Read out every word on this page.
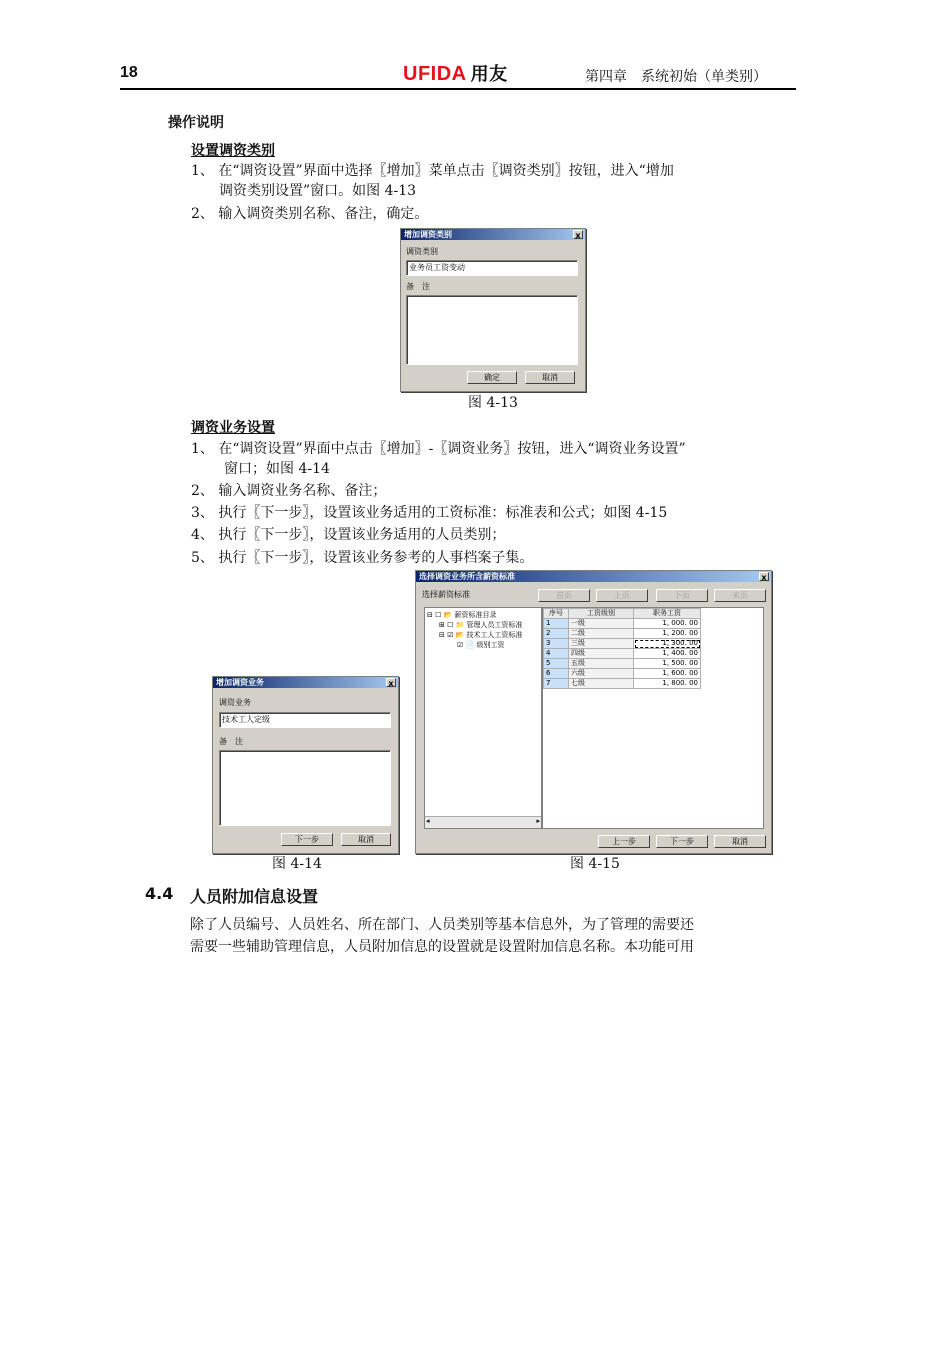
18	UFIDA 用友	第四章　系统初始（单类别）
操作说明
设置调资类别
1、 在“调资设置”界面中选择〖增加〗菜单点击〖调资类别〗按钮，进入“增加
调资类别设置”窗口。如图 4-13
2、 输入调资类别名称、备注，确定。
增加调资类别	x
调资类别
业务员工资变动
备　注
确定	取消
图 4-13
调资业务设置
1、 在“调资设置”界面中点击〖增加〗-〖调资业务〗按钮，进入“调资业务设置”
窗口；如图 4-14
2、 输入调资业务名称、备注；
3、 执行〖下一步〗，设置该业务适用的工资标准：标准表和公式；如图 4-15
4、 执行〖下一步〗，设置该业务适用的人员类别；
5、 执行〖下一步〗，设置该业务参考的人事档案子集。
增加调资业务	x
调资业务
技术工人定级
备　注
下一步	取消
图 4-14
选择调资业务所含薪资标准	x
选择薪资标准	首页	上页	下页	末页
⊟ ☐ 📂 薪资标准目录
⊞ ☐ 📁 管理人员工资标准
⊟ ☑ 📂 技术工人工资标准
☑ 📄 级别工资
◂	▸
序号	工资级别	职务工资
1	一级	1, 000. 00
2	二级	1, 200. 00
3	三级	1, 300. 00
4	四级	1, 400. 00
5	五级	1, 500. 00
6	六级	1, 600. 00
7	七级	1, 800. 00
上一步	下一步	取消
图 4-15
4.4 人员附加信息设置
除了人员编号、人员姓名、所在部门、人员类别等基本信息外，为了管理的需要还
需要一些辅助管理信息，人员附加信息的设置就是设置附加信息名称。本功能可用
